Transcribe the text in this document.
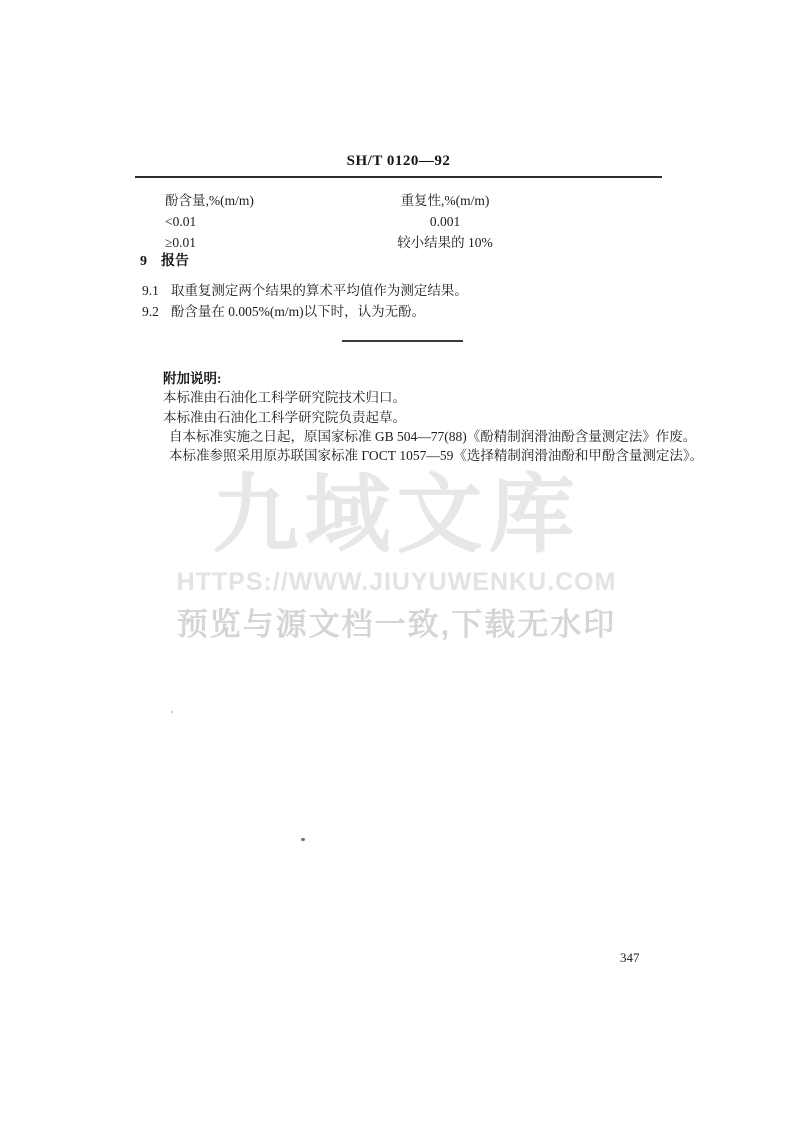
SH/T 0120—92
酚含量,%(m/m)
<0.01
≥0.01
重复性,%(m/m)
0.001
较小结果的 10%
9 报告
9.1 取重复测定两个结果的算术平均值作为测定结果。
9.2 酚含量在 0.005%(m/m)以下时，认为无酚。
附加说明:
本标准由石油化工科学研究院技术归口。
本标准由石油化工科学研究院负责起草。
自本标准实施之日起，原国家标准 GB 504—77(88)《酚精制润滑油酚含量测定法》作废。
本标准参照采用原苏联国家标准 ГОСТ 1057—59《选择精制润滑油酚和甲酚含量测定法》。
九域文库
HTTPS://WWW.JIUYUWENKU.COM
预览与源文档一致,下载无水印
347
